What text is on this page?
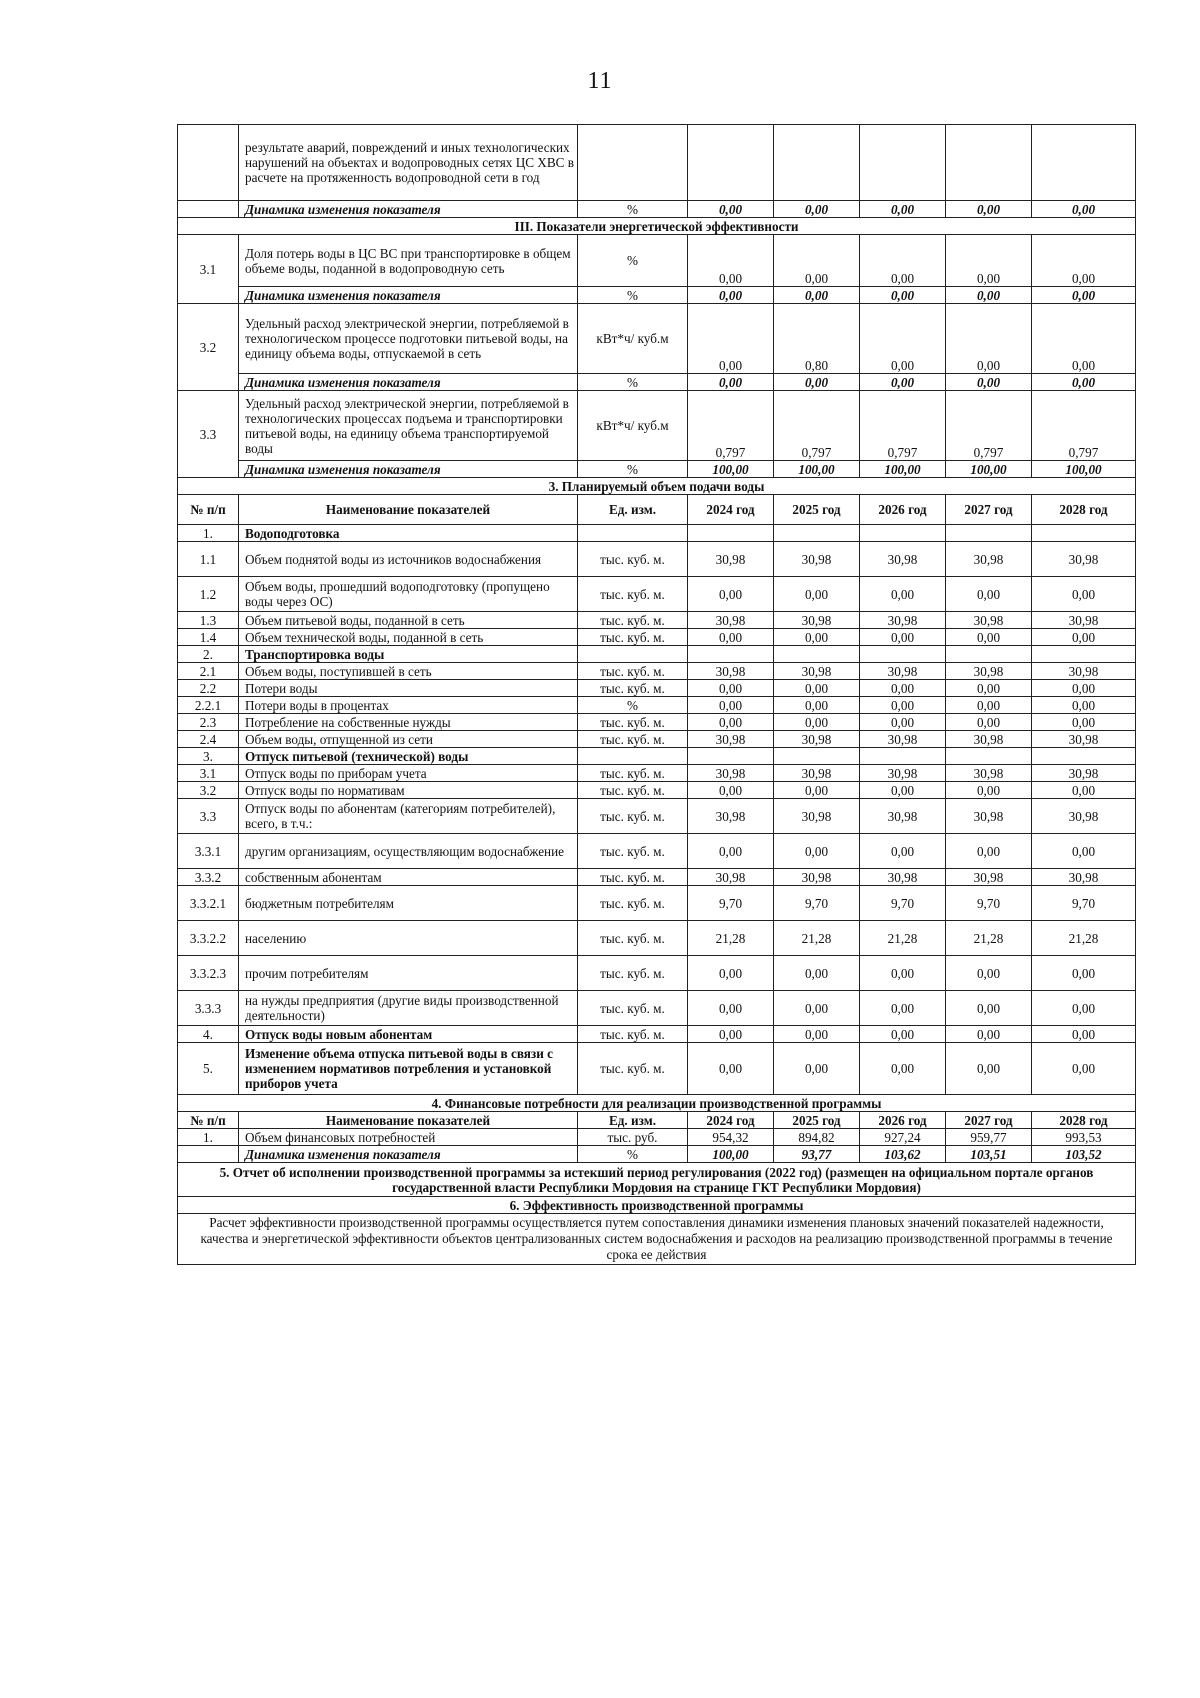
11
	результате аварий, повреждений и иных технологических нарушений на объектах и водопроводных сетях ЦС ХВС в расчете на протяженность водопроводной сети в год						
	Динамика изменения показателя	%	0,00	0,00	0,00	0,00	0,00
III. Показатели энергетической эффективности							
3.1	Доля потерь воды в ЦС ВС при транспортировке в общем объеме воды, поданной в водопроводную сеть	%	0,00	0,00	0,00	0,00	0,00
	Динамика изменения показателя	%	0,00	0,00	0,00	0,00	0,00
3.2	Удельный расход электрической энергии, потребляемой в технологическом процессе подготовки питьевой воды, на единицу объема воды, отпускаемой в сеть	кВт*ч/ куб.м	0,00	0,80	0,00	0,00	0,00
	Динамика изменения показателя	%	0,00	0,00	0,00	0,00	0,00
3.3	Удельный расход электрической энергии, потребляемой в технологических процессах подъема и транспортировки питьевой воды, на единицу объема транспортируемой воды	кВт*ч/ куб.м	0,797	0,797	0,797	0,797	0,797
	Динамика изменения показателя	%	100,00	100,00	100,00	100,00	100,00
3. Планируемый объем подачи воды							
№ п/п	Наименование показателей	Ед. изм.	2024 год	2025 год	2026 год	2027 год	2028 год
1.	Водоподготовка						
1.1	Объем поднятой воды из источников водоснабжения	тыс. куб. м.	30,98	30,98	30,98	30,98	30,98
1.2	Объем воды, прошедший водоподготовку (пропущено воды через ОС)	тыс. куб. м.	0,00	0,00	0,00	0,00	0,00
1.3	Объем питьевой воды, поданной в сеть	тыс. куб. м.	30,98	30,98	30,98	30,98	30,98
1.4	Объем технической воды, поданной в сеть	тыс. куб. м.	0,00	0,00	0,00	0,00	0,00
2.	Транспортировка воды						
2.1	Объем воды, поступившей в сеть	тыс. куб. м.	30,98	30,98	30,98	30,98	30,98
2.2	Потери воды	тыс. куб. м.	0,00	0,00	0,00	0,00	0,00
2.2.1	Потери воды в процентах	%	0,00	0,00	0,00	0,00	0,00
2.3	Потребление на собственные нужды	тыс. куб. м.	0,00	0,00	0,00	0,00	0,00
2.4	Объем воды, отпущенной из сети	тыс. куб. м.	30,98	30,98	30,98	30,98	30,98
3.	Отпуск питьевой (технической) воды						
3.1	Отпуск воды по приборам учета	тыс. куб. м.	30,98	30,98	30,98	30,98	30,98
3.2	Отпуск воды по нормативам	тыс. куб. м.	0,00	0,00	0,00	0,00	0,00
3.3	Отпуск воды по абонентам (категориям потребителей), всего, в т.ч.:	тыс. куб. м.	30,98	30,98	30,98	30,98	30,98
3.3.1	другим организациям, осуществляющим водоснабжение	тыс. куб. м.	0,00	0,00	0,00	0,00	0,00
3.3.2	собственным абонентам	тыс. куб. м.	30,98	30,98	30,98	30,98	30,98
3.3.2.1	бюджетным потребителям	тыс. куб. м.	9,70	9,70	9,70	9,70	9,70
3.3.2.2	населению	тыс. куб. м.	21,28	21,28	21,28	21,28	21,28
3.3.2.3	прочим потребителям	тыс. куб. м.	0,00	0,00	0,00	0,00	0,00
3.3.3	на нужды предприятия (другие виды производственной деятельности)	тыс. куб. м.	0,00	0,00	0,00	0,00	0,00
4.	Отпуск воды новым абонентам	тыс. куб. м.	0,00	0,00	0,00	0,00	0,00
5.	Изменение объема отпуска питьевой воды в связи с изменением нормативов потребления и установкой приборов учета	тыс. куб. м.	0,00	0,00	0,00	0,00	0,00
4. Финансовые потребности для реализации производственной программы							
№ п/п	Наименование показателей	Ед. изм.	2024 год	2025 год	2026 год	2027 год	2028 год
1.	Объем финансовых потребностей	тыс. руб.	954,32	894,82	927,24	959,77	993,53
	Динамика изменения показателя	%	100,00	93,77	103,62	103,51	103,52
5. Отчет об исполнении производственной программы за истекший период регулирования (2022 год) (размещен на официальном портале органов государственной власти Республики Мордовия на странице ГКТ Республики Мордовия)							
6. Эффективность производственной программы							
Расчет эффективности производственной программы осуществляется путем сопоставления динамики изменения плановых значений показателей надежности, качества и энергетической эффективности объектов централизованных систем водоснабжения и расходов на реализацию производственной программы в течение срока ее действия							
